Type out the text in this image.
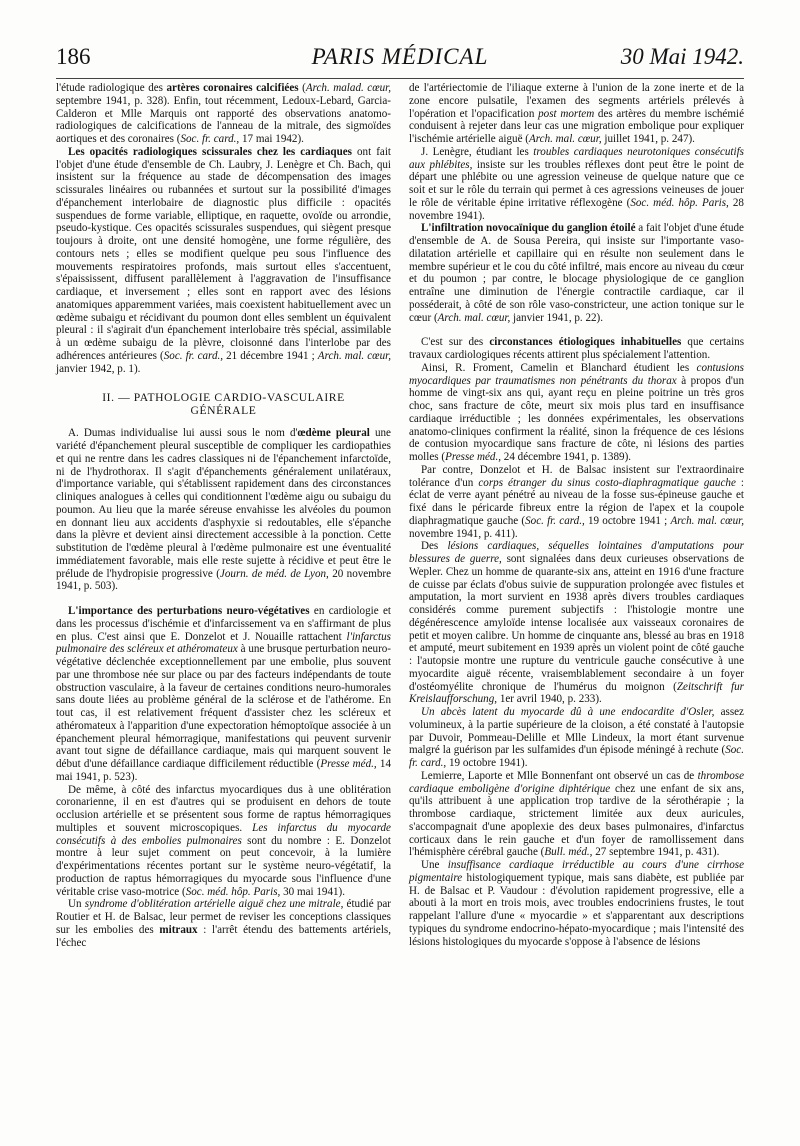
186	PARIS MÉDICAL	30 Mai 1942.

l'étude radiologique des artères coronaires calcifiées (Arch. malad. cœur, septembre 1941, p. 328). Enfin, tout récemment, Ledoux-Lebard, Garcia-Calderon et Mlle Marquis ont rapporté des observations anatomo-radiologiques de calcifications de l'anneau de la mitrale, des sigmoïdes aortiques et des coronaires (Soc. fr. card., 17 mai 1942).

Les opacités radiologiques scissurales chez les cardiaques ont fait l'objet d'une étude d'ensemble de Ch. Laubry, J. Lenègre et Ch. Bach, qui insistent sur la fréquence au stade de décompensation des images scissurales linéaires ou rubannées et surtout sur la possibilité d'images d'épanchement interlobaire de diagnostic plus difficile : opacités suspendues de forme variable, elliptique, en raquette, ovoïde ou arrondie, pseudo-kystique. Ces opacités scissurales suspendues, qui siègent presque toujours à droite, ont une densité homogène, une forme régulière, des contours nets ; elles se modifient quelque peu sous l'influence des mouvements respiratoires profonds, mais surtout elles s'accentuent, s'épaississent, diffusent parallèlement à l'aggravation de l'insuffisance cardiaque, et inversement ; elles sont en rapport avec des lésions anatomiques apparemment variées, mais coexistent habituellement avec un œdème subaigu et récidivant du poumon dont elles semblent un équivalent pleural : il s'agirait d'un épanchement interlobaire très spécial, assimilable à un œdème subaigu de la plèvre, cloisonné dans l'interlobe par des adhérences antérieures (Soc. fr. card., 21 décembre 1941 ; Arch. mal. cœur, janvier 1942, p. 1).

II. — PATHOLOGIE CARDIO-VASCULAIRE
GÉNÉRALE

A. Dumas individualise lui aussi sous le nom d'œdème pleural une variété d'épanchement pleural susceptible de compliquer les cardiopathies et qui ne rentre dans les cadres classiques ni de l'épanchement infarctoïde, ni de l'hydrothorax. Il s'agit d'épanchements généralement unilatéraux, d'importance variable, qui s'établissent rapidement dans des circonstances cliniques analogues à celles qui conditionnent l'œdème aigu ou subaigu du poumon. Au lieu que la marée séreuse envahisse les alvéoles du poumon en donnant lieu aux accidents d'asphyxie si redoutables, elle s'épanche dans la plèvre et devient ainsi directement accessible à la ponction. Cette substitution de l'œdème pleural à l'œdème pulmonaire est une éventualité immédiatement favorable, mais elle reste sujette à récidive et peut être le prélude de l'hydropisie progressive (Journ. de méd. de Lyon, 20 novembre 1941, p. 503).

L'importance des perturbations neuro-végétatives en cardiologie et dans les processus d'ischémie et d'infarcissement va en s'affirmant de plus en plus. C'est ainsi que E. Donzelot et J. Nouaille rattachent l'infarctus pulmonaire des scléreux et athéromateux à une brusque perturbation neuro-végétative déclenchée exceptionnellement par une embolie, plus souvent par une thrombose née sur place ou par des facteurs indépendants de toute obstruction vasculaire, à la faveur de certaines conditions neuro-humorales sans doute liées au problème général de la sclérose et de l'athérome. En tout cas, il est relativement fréquent d'assister chez les scléreux et athéromateux à l'apparition d'une expectoration hémoptoïque associée à un épanchement pleural hémorragique, manifestations qui peuvent survenir avant tout signe de défaillance cardiaque, mais qui marquent souvent le début d'une défaillance cardiaque difficilement réductible (Presse méd., 14 mai 1941, p. 523).

De même, à côté des infarctus myocardiques dus à une oblitération coronarienne, il en est d'autres qui se produisent en dehors de toute occlusion artérielle et se présentent sous forme de raptus hémorragiques multiples et souvent microscopiques. Les infarctus du myocarde consécutifs à des embolies pulmonaires sont du nombre : E. Donzelot montre à leur sujet comment on peut concevoir, à la lumière d'expérimentations récentes portant sur le système neuro-végétatif, la production de raptus hémorragiques du myocarde sous l'influence d'une véritable crise vaso-motrice (Soc. méd. hôp. Paris, 30 mai 1941).

Un syndrome d'oblitération artérielle aiguë chez une mitrale, étudié par Routier et H. de Balsac, leur permet de reviser les conceptions classiques sur les embolies des mitraux : l'arrêt étendu des battements artériels, l'échec

de l'artériectomie de l'iliaque externe à l'union de la zone inerte et de la zone encore pulsatile, l'examen des segments artériels prélevés à l'opération et l'opacification post mortem des artères du membre ischémié conduisent à rejeter dans leur cas une migration embolique pour expliquer l'ischémie artérielle aiguë (Arch. mal. cœur, juillet 1941, p. 247).

J. Lenègre, étudiant les troubles cardiaques neurotoniques consécutifs aux phlébites, insiste sur les troubles réflexes dont peut être le point de départ une phlébite ou une agression veineuse de quelque nature que ce soit et sur le rôle du terrain qui permet à ces agressions veineuses de jouer le rôle de véritable épine irritative réflexogène (Soc. méd. hôp. Paris, 28 novembre 1941).

L'infiltration novocaïnique du ganglion étoilé a fait l'objet d'une étude d'ensemble de A. de Sousa Pereira, qui insiste sur l'importante vaso-dilatation artérielle et capillaire qui en résulte non seulement dans le membre supérieur et le cou du côté infiltré, mais encore au niveau du cœur et du poumon ; par contre, le blocage physiologique de ce ganglion entraîne une diminution de l'énergie contractile cardiaque, car il posséderait, à côté de son rôle vaso-constricteur, une action tonique sur le cœur (Arch. mal. cœur, janvier 1941, p. 22).

C'est sur des circonstances étiologiques inhabituelles que certains travaux cardiologiques récents attirent plus spécialement l'attention.

Ainsi, R. Froment, Camelin et Blanchard étudient les contusions myocardiques par traumatismes non pénétrants du thorax à propos d'un homme de vingt-six ans qui, ayant reçu en pleine poitrine un très gros choc, sans fracture de côte, meurt six mois plus tard en insuffisance cardiaque irréductible ; les données expérimentales, les observations anatomo-cliniques confirment la réalité, sinon la fréquence de ces lésions de contusion myocardique sans fracture de côte, ni lésions des parties molles (Presse méd., 24 décembre 1941, p. 1389).

Par contre, Donzelot et H. de Balsac insistent sur l'extraordinaire tolérance d'un corps étranger du sinus costo-diaphragmatique gauche : éclat de verre ayant pénétré au niveau de la fosse sus-épineuse gauche et fixé dans le péricarde fibreux entre la région de l'apex et la coupole diaphragmatique gauche (Soc. fr. card., 19 octobre 1941 ; Arch. mal. cœur, novembre 1941, p. 411).

Des lésions cardiaques, séquelles lointaines d'amputations pour blessures de guerre, sont signalées dans deux curieuses observations de Wepler. Chez un homme de quarante-six ans, atteint en 1916 d'une fracture de cuisse par éclats d'obus suivie de suppuration prolongée avec fistules et amputation, la mort survient en 1938 après divers troubles cardiaques considérés comme purement subjectifs : l'histologie montre une dégénérescence amyloïde intense localisée aux vaisseaux coronaires de petit et moyen calibre. Un homme de cinquante ans, blessé au bras en 1918 et amputé, meurt subitement en 1939 après un violent point de côté gauche : l'autopsie montre une rupture du ventricule gauche consécutive à une myocardite aiguë récente, vraisemblablement secondaire à un foyer d'ostéomyélite chronique de l'humérus du moignon (Zeitschrift fur Kreislaufforschung, 1er avril 1940, p. 233).

Un abcès latent du myocarde dû à une endocardite d'Osler, assez volumineux, à la partie supérieure de la cloison, a été constaté à l'autopsie par Duvoir, Pommeau-Delille et Mlle Lindeux, la mort étant survenue malgré la guérison par les sulfamides d'un épisode méningé à rechute (Soc. fr. card., 19 octobre 1941).

Lemierre, Laporte et Mlle Bonnenfant ont observé un cas de thrombose cardiaque emboligène d'origine diphtérique chez une enfant de six ans, qu'ils attribuent à une application trop tardive de la sérothérapie ; la thrombose cardiaque, strictement limitée aux deux auricules, s'accompagnait d'une apoplexie des deux bases pulmonaires, d'infarctus corticaux dans le rein gauche et d'un foyer de ramollissement dans l'hémisphère cérébral gauche (Bull. méd., 27 septembre 1941, p. 431).

Une insuffisance cardiaque irréductible au cours d'une cirrhose pigmentaire histologiquement typique, mais sans diabète, est publiée par H. de Balsac et P. Vaudour : d'évolution rapidement progressive, elle a abouti à la mort en trois mois, avec troubles endocriniens frustes, le tout rappelant l'allure d'une « myocardie » et s'apparentant aux descriptions typiques du syndrome endocrino-hépato-myocardique ; mais l'intensité des lésions histologiques du myocarde s'oppose à l'absence de lésions
